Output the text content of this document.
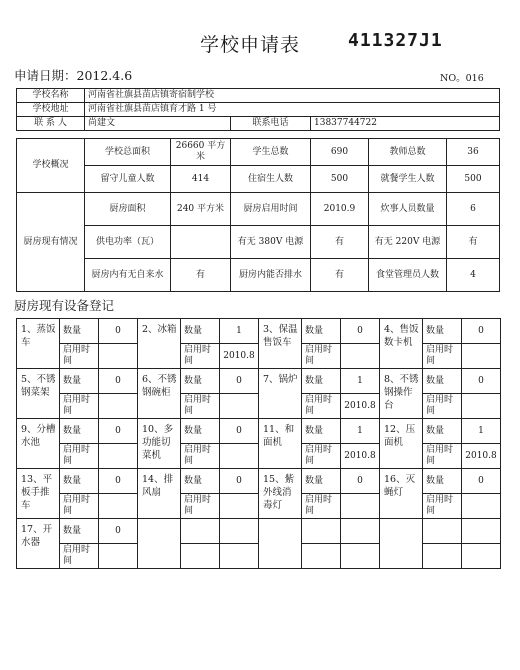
学校申请表	411327J1
申请日期：2012.4.6	NO。016
学校名称	河南省社旗县苗店镇寄宿制学校		
学校地址	河南省社旗县苗店镇育才路 1 号		
联 系 人	尚建文	联系电话	13837744722
学校概况	学校总面积	26660 平方米	学生总数	690	教师总数	36
	留守儿童人数	414	住宿生人数	500	就餐学生人数	500
厨房现有情况	厨房面积	240 平方米	厨房启用时间	2010.9	炊事人员数量	6
	供电功率（瓦）		有无 380V 电源	有	有无 220V 电源	有
	厨房内有无自来水	有	厨房内能否排水	有	食堂管理员人数	4
厨房现有设备登记
1、蒸饭车	数量	0	2、冰箱	数量	1	3、保温售饭车	数量	0	4、售饭数卡机	数量	0
	启用时间			启用时间	2010.8		启用时间			启用时间	
5、不锈钢菜架	数量	0	6、不锈钢碗柜	数量	0	7、锅炉	数量	1	8、不锈钢操作台	数量	0
	启用时间			启用时间			启用时间	2010.8		启用时间	
9、分槽水池	数量	0	10、多功能切菜机	数量	0	11、和面机	数量	1	12、压面机	数量	1
	启用时间			启用时间			启用时间	2010.8		启用时间	2010.8
13、平板手推车	数量	0	14、排风扇	数量	0	15、紫外线消毒灯	数量	0	16、灭蝇灯	数量	0
	启用时间			启用时间			启用时间			启用时间	
17、开水器	数量	0									
	启用时间										
